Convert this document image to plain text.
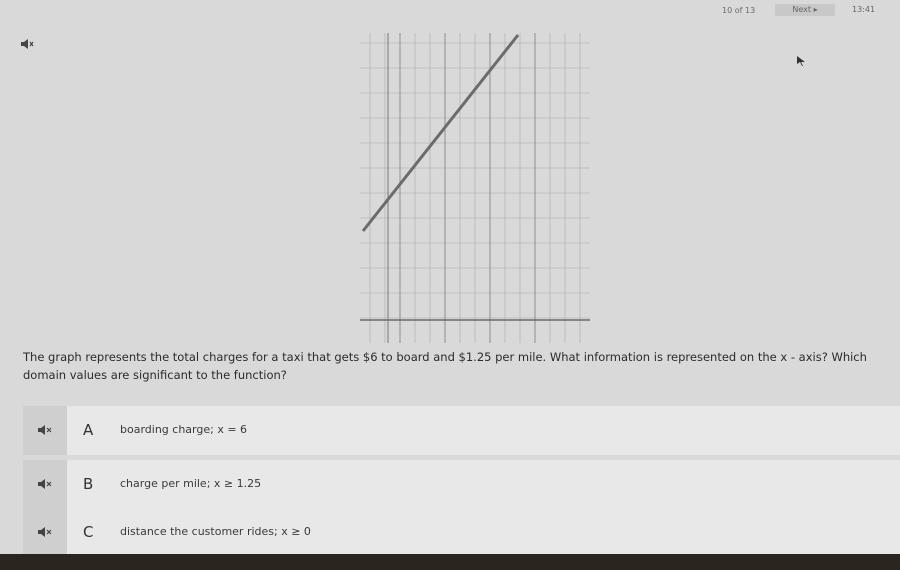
10 of 13	Next ▸	13:41
The graph represents the total charges for a taxi that gets $6 to board and $1.25 per mile. What information is represented on the x - axis? Which domain values are significant to the function?
A boarding charge; x = 6
B charge per mile; x ≥ 1.25
C distance the customer rides; x ≥ 0
